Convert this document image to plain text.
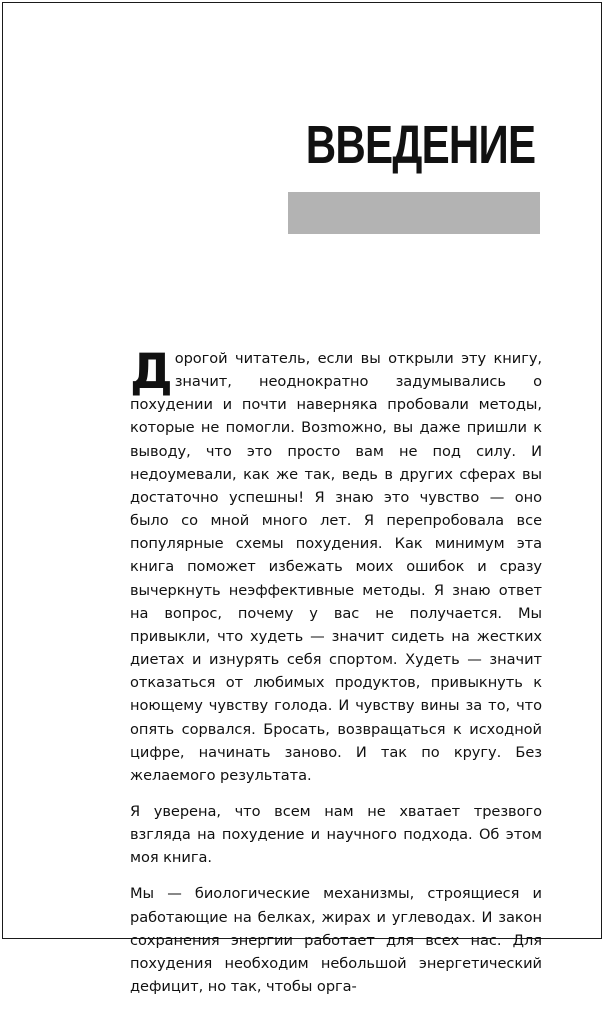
ВВЕДЕНИЕ

Дорогой читатель, если вы открыли эту книгу, значит, неоднократно задумывались о похудении и почти наверняка пробовали методы, которые не помогли. Возmожно, вы даже пришли к выводу, что это просто вам не под силу. И недоумевали, как же так, ведь в других сферах вы достаточно успешны! Я знаю это чувство — оно было со мной много лет. Я перепробовала все популярные схемы похудения. Как минимум эта книга поможет избежать моих ошибок и сразу вычеркнуть неэффективные методы. Я знаю ответ на вопрос, почему у вас не получается. Мы привыкли, что худеть — значит сидеть на жестких диетах и изнурять себя спортом. Худеть — значит отказаться от любимых продуктов, привыкнуть к ноющему чувству голода. И чувству вины за то, что опять сорвался. Бросать, возвращаться к исходной цифре, начинать заново. И так по кругу. Без желаемого результата.

Я уверена, что всем нам не хватает трезвого взгляда на похудение и научного подхода. Об этом моя книга.

Мы — биологические механизмы, строящиеся и работающие на белках, жирах и углеводах. И закон сохранения энергии работает для всех нас. Для похудения необходим небольшой энергетический дефицит, но так, чтобы орга-
